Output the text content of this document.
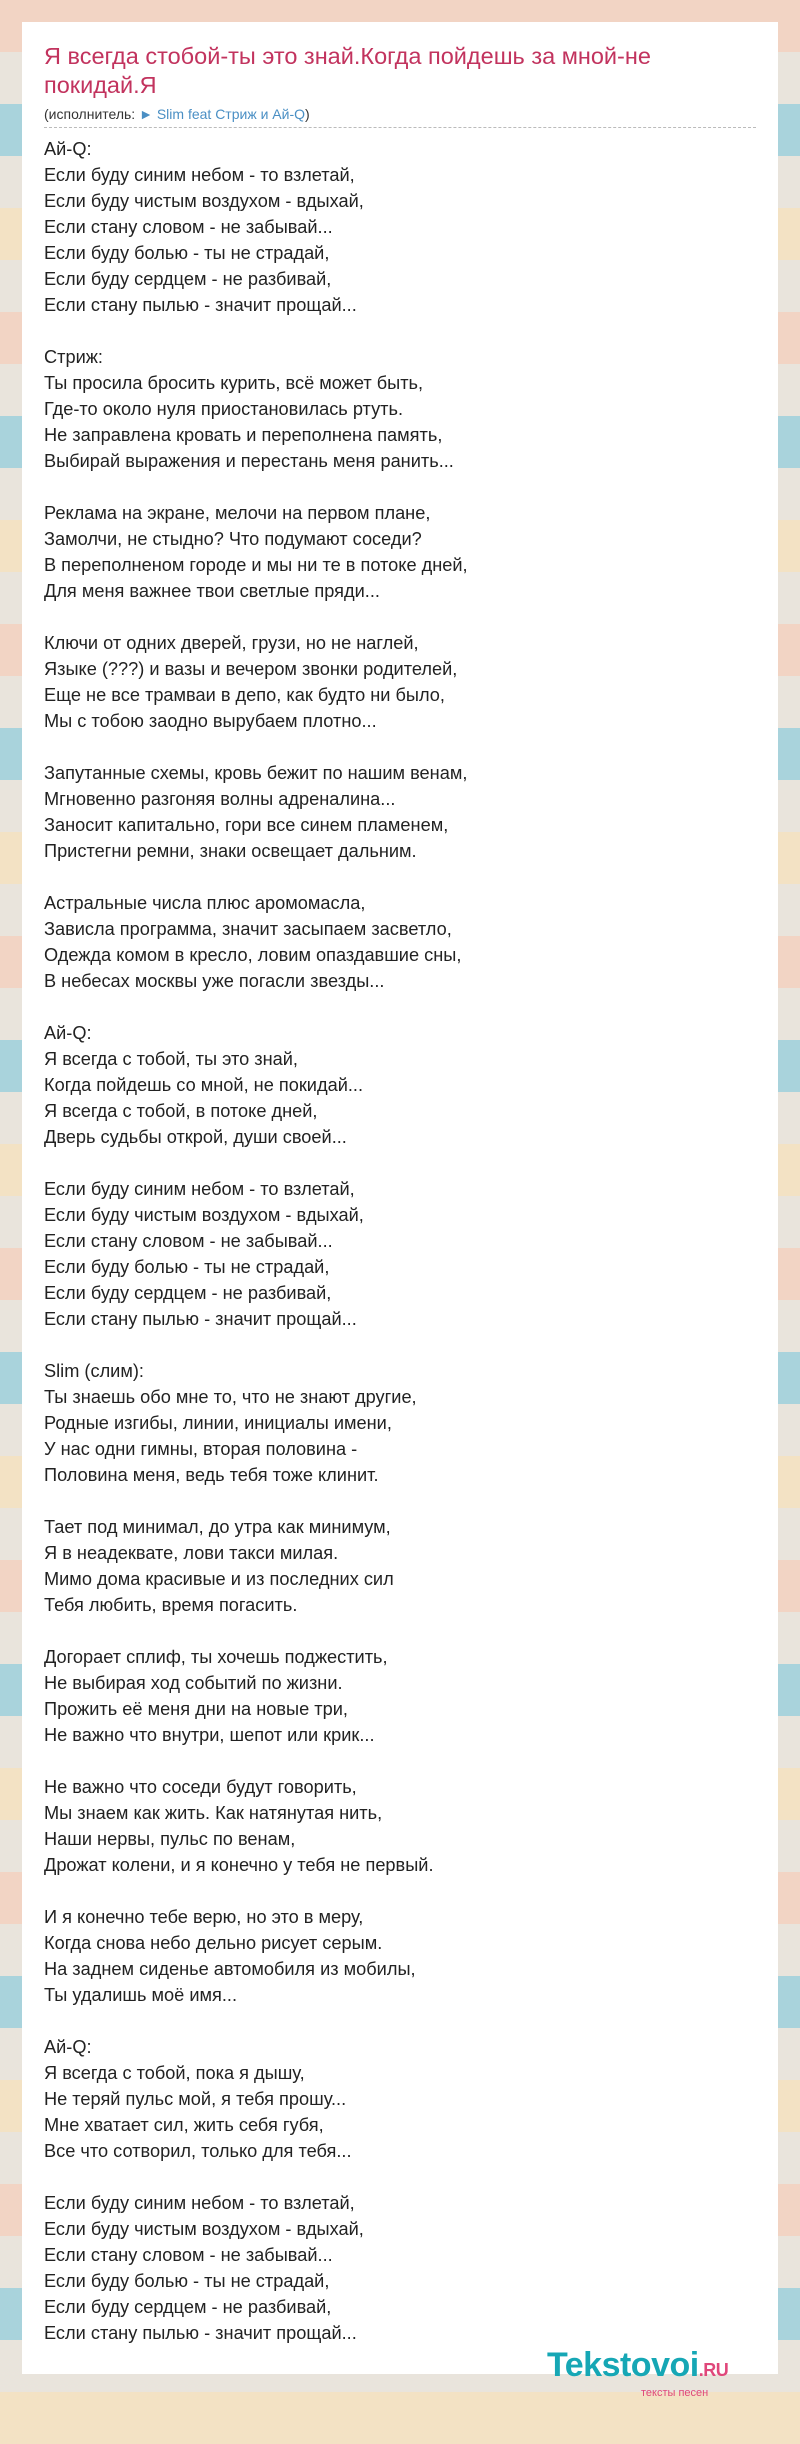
Я всегда стобой-ты это знай.Когда пойдешь за мной-не покидай.Я
(исполнитель: ► Slim feat Стриж и Ай-Q)
Ай-Q:
Если буду синим небом - то взлетай,
Если буду чистым воздухом - вдыхай,
Если стану словом - не забывай...
Если буду болью - ты не страдай,
Если буду сердцем - не разбивай,
Если стану пылью - значит прощай...
Стриж:
Ты просила бросить курить, всё может быть,
Где-то около нуля приостановилась ртуть.
Не заправлена кровать и переполнена память,
Выбирай выражения и перестань меня ранить...
Реклама на экране, мелочи на первом плане,
Замолчи, не стыдно? Что подумают соседи?
В переполненом городе и мы ни те в потоке дней,
Для меня важнее твои светлые пряди...
Ключи от одних дверей, грузи, но не наглей,
Языке (???) и вазы и вечером звонки родителей,
Еще не все трамваи в депо, как будто ни было,
Мы с тобою заодно вырубаем плотно...
Запутанные схемы, кровь бежит по нашим венам,
Мгновенно разгоняя волны адреналина...
Заносит капитально, гори все синем пламенем,
Пристегни ремни, знаки освещает дальним.
Астральные числа плюс аромомасла,
Зависла программа, значит засыпаем засветло,
Одежда комом в кресло, ловим опаздавшие сны,
В небесах москвы уже погасли звезды...
Ай-Q:
Я всегда с тобой, ты это знай,
Когда пойдешь со мной, не покидай...
Я всегда с тобой, в потоке дней,
Дверь судьбы открой, души своей...
Если буду синим небом - то взлетай,
Если буду чистым воздухом - вдыхай,
Если стану словом - не забывай...
Если буду болью - ты не страдай,
Если буду сердцем - не разбивай,
Если стану пылью - значит прощай...
Slim (слим):
Ты знаешь обо мне то, что не знают другие,
Родные изгибы, линии, инициалы имени,
У нас одни гимны, вторая половина -
Половина меня, ведь тебя тоже клинит.
Тает под минимал, до утра как минимум,
Я в неадеквате, лови такси милая.
Мимо дома красивые и из последних сил
Тебя любить, время погасить.
Догорает сплиф, ты хочешь поджестить,
Не выбирая ход событий по жизни.
Прожить её меня дни на новые три,
Не важно что внутри, шепот или крик...
Не важно что соседи будут говорить,
Мы знаем как жить. Как натянутая нить,
Наши нервы, пульс по венам,
Дрожат колени, и я конечно у тебя не первый.
И я конечно тебе верю, но это в меру,
Когда снова небо дельно рисует серым.
На заднем сиденье автомобиля из мобилы,
Ты удалишь моё имя...
Ай-Q:
Я всегда с тобой, пока я дышу,
Не теряй пульс мой, я тебя прошу...
Мне хватает сил, жить себя губя,
Все что сотворил, только для тебя...
Если буду синим небом - то взлетай,
Если буду чистым воздухом - вдыхай,
Если стану словом - не забывай...
Если буду болью - ты не страдай,
Если буду сердцем - не разбивай,
Если стану пылью - значит прощай...
Tekstovoi.RU
тексты песен
